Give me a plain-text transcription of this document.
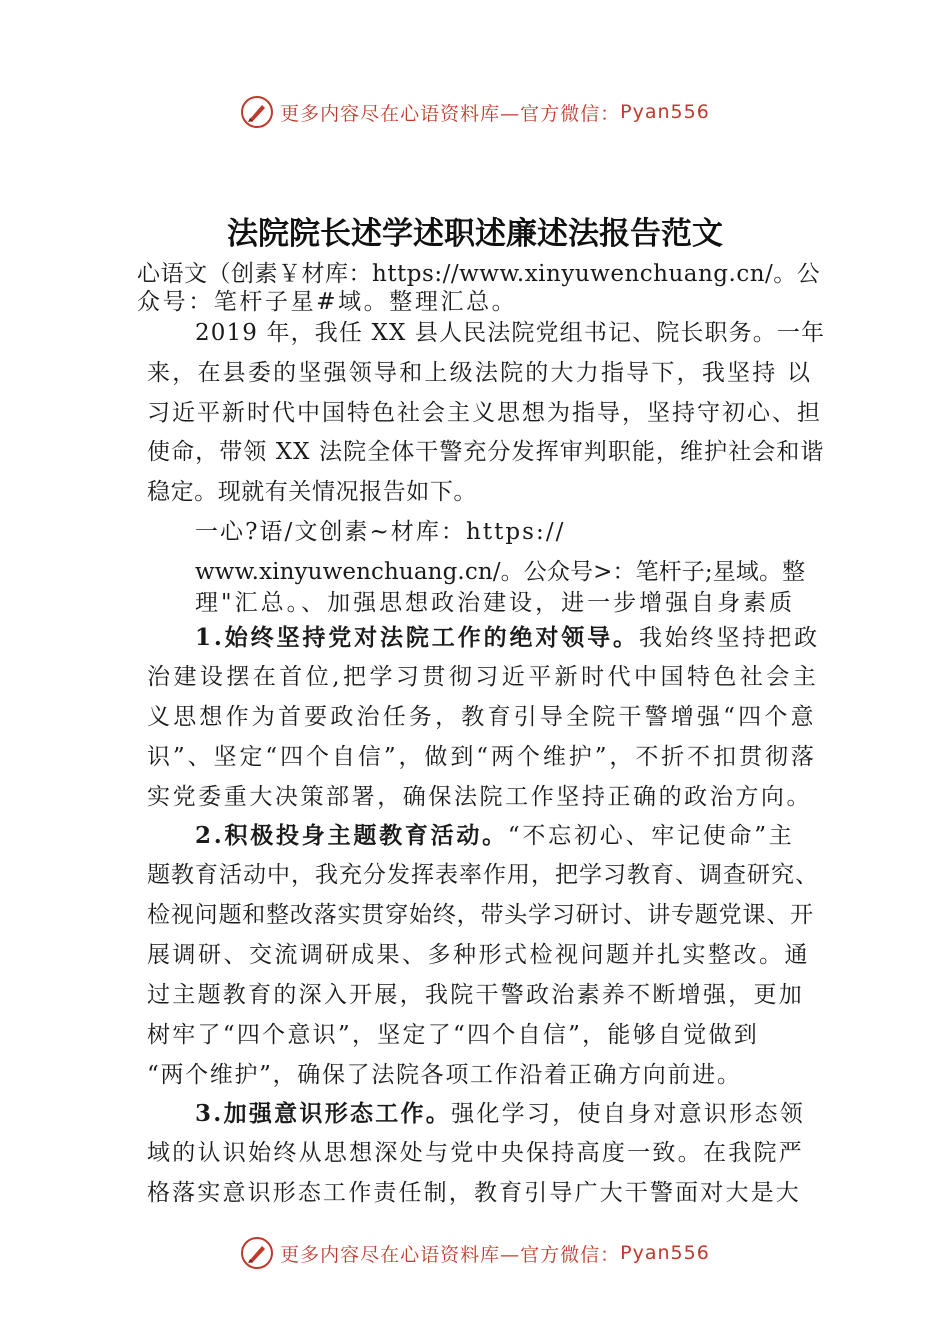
更多内容尽在心语资料库—官方微信： Pyan556
法院院长述学述职述廉述法报告范文
心语文（创素￥材库：https://www.xinyuwenchuang.cn/。公
众号：笔杆子星#域。整理汇总。
2019 年，我任 XX 县人民法院党组书记、院长职务。一年
来，在县委的坚强领导和上级法院的大力指导下，我坚持 以
习近平新时代中国特色社会主义思想为指导，坚持守初心、担
使命，带领 XX 法院全体干警充分发挥审判职能，维护社会和谐
稳定。现就有关情况报告如下。
一心?语/文创素~材库：https://
www.xinyuwenchuang.cn/。公众号>：笔杆子;星域。整
理"汇总。、加强思想政治建设，进一步增强自身素质
1.始终坚持党对法院工作的绝对领导。我始终坚持把政
治建设摆在首位,把学习贯彻习近平新时代中国特色社会主
义思想作为首要政治任务，教育引导全院干警增强“四个意
识”、坚定“四个自信”，做到“两个维护”，不折不扣贯彻落
实党委重大决策部署，确保法院工作坚持正确的政治方向。
2.积极投身主题教育活动。“不忘初心、牢记使命”主
题教育活动中，我充分发挥表率作用，把学习教育、调查研究、
检视问题和整改落实贯穿始终，带头学习研讨、讲专题党课、开
展调研、交流调研成果、多种形式检视问题并扎实整改。通
过主题教育的深入开展，我院干警政治素养不断增强，更加
树牢了“四个意识”，坚定了“四个自信”，能够自觉做到
“两个维护”，确保了法院各项工作沿着正确方向前进。
3.加强意识形态工作。强化学习，使自身对意识形态领
域的认识始终从思想深处与党中央保持高度一致。在我院严
格落实意识形态工作责任制，教育引导广大干警面对大是大
更多内容尽在心语资料库—官方微信： Pyan556
